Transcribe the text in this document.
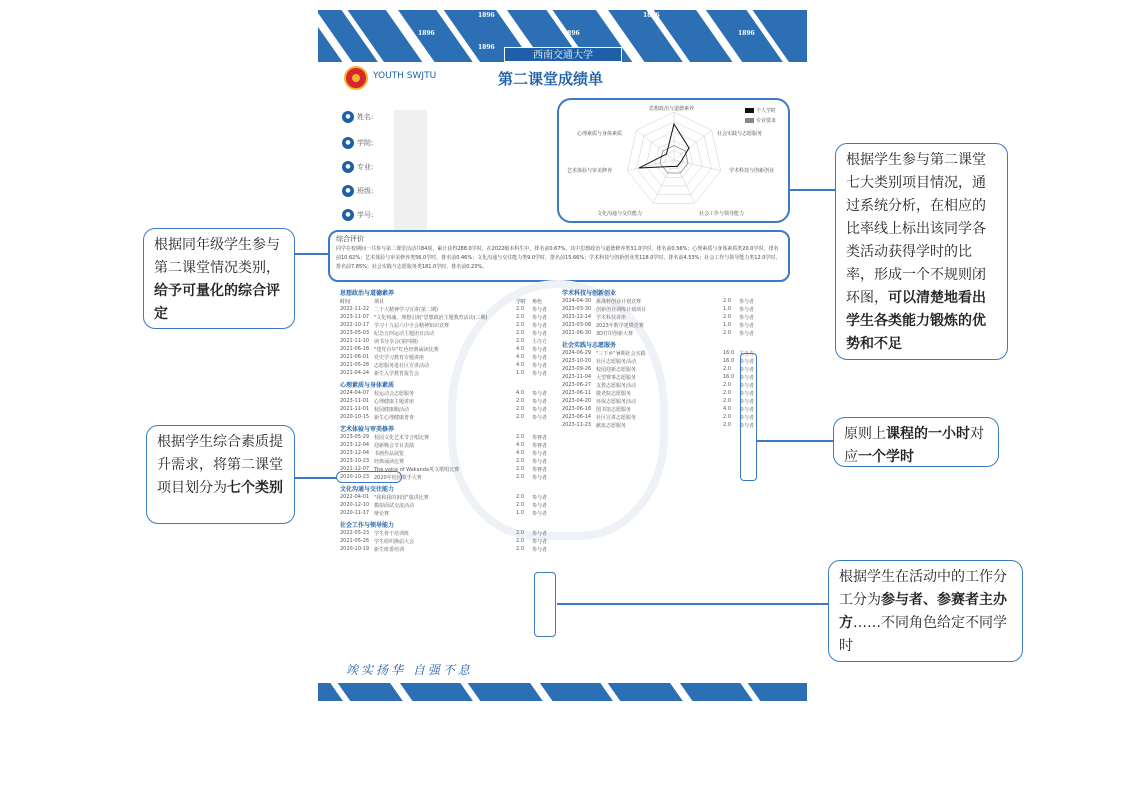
1896	1896
1896
1896	1896
1896
西南交通大学
YOUTH SWJTU	第二课堂成绩单
● 姓名:
● 学院:
● 专业:
● 班级:
● 学号:
思想政治与道德素养
社会实践与志愿服务
学术科技与创新创业
社会工作与领导能力
文化沟通与交往能力
艺术体验与审美修养
心理素质与身体素质
个人学时
专业要求
综合评价
同学在校期间一共参与第二课堂活动共84项，累计获得288.0学时，在2022级本科生中，排名前0.67%。其中思想政治与道德修养类31.0学时，排名前0.56%；心理素质与身体素质类20.0学时，排名前10.62%；艺术体验与审美修养类56.0学时，排名前0.46%；文化沟通与交往能力类9.0学时，排名前15.66%；学术科技与创新创业类118.0学时，排名前4.53%；社会工作与领导能力类12.0学时，排名前7.85%；社会实践与志愿服务类181.0学时，排名前0.23%。
思想政治与道德素养
时间	项目	学时	角色
2022-11-22 二十大精神学习宣讲(第二期)	2.0	参与者
2023-11-07 "文化铸魂，理想引航"思想政治主题教育活动(三期)	2.0	参与者
2022-10-17 学习十九届六中全会精神知识竞赛	2.0	参与者
2023-05-03 纪念五四运动主题团日活动	2.0	参与者
2021-11-10 读书分享会(第四期)	2.0	主办方
2021-06-18 "建党百年"红色经典诵读比赛	4.0	参与者
2021-06-01 党史学习教育专题讲座	4.0	参与者
2021-05-28 志愿服务进社区宣讲活动	4.0	参与者
2021-04-24 新生入学教育报告会	1.0	参与者
心理素质与身体素质
2024-04-07 校运动会志愿服务	4.0	参与者
2023-11-01 心理健康主题讲座	2.0	参与者
2021-11-01 校园健康跑活动	2.0	参与者
2020-10-15 新生心理健康普查	2.0	参与者
艺术体验与审美修养
2023-05-29 校园文化艺术节合唱比赛	2.0	参赛者
2023-12-04 迎新晚会节目表演	4.0	参赛者
2023-12-04 书画作品展览	4.0	参与者
2023-10-23 经典诵读比赛	2.0	参与者
2021-12-07 The voice of Wakanda英文歌唱比赛	2.0	参赛者
2020-10-23 2020年校园歌手大赛	2.0	参与者
文化沟通与交往能力
2022-04-01 "我和我的祖国"演讲比赛	2.0	参与者
2020-12-10 模拟面试交流活动	2.0	参与者
2020-11-17 辩论赛	1.0	参与者
社会工作与领导能力
2022-05-23 学生骨干培训班	2.0	参与者
2021-05-26 学生组织换届大会	2.0	参与者
2020-10-19 新生班委培训	2.0	参与者
学术科技与创新创业
2024-04-30 挑战杯创业计划竞赛	2.0	参与者
2023-03-30 创新创业训练计划项目	1.0	参与者
2023-12-14 学术科技讲座	2.0	参与者
2023-03-08 2023年数学建模竞赛	1.0	参与者
2021-06-30 3D打印创新大赛	2.0	参与者
社会实践与志愿服务
2024-06-29 "三下乡"暑期社会实践	16.0 主办方
2023-10-20 社区志愿服务活动	16.0 参与者
2023-09-26 校园迎新志愿服务	2.0	参与者
2023-11-04 大型赛事志愿服务	16.0 参与者
2023-06-27 支教志愿服务活动	2.0	参与者
2023-06-11 敬老院志愿服务	2.0	参与者
2023-04-20 环保志愿服务活动	2.0	参与者
2023-06-18 图书馆志愿服务	4.0	参与者
2023-06-14 社区宣讲志愿服务	2.0	参与者
2023-11-23 献血志愿服务	2.0	参与者
竢实扬华 自强不息
根据学生参与第二课堂七大类别项目情况，通过系统分析，在相应的比率线上标出该同学各类活动获得学时的比率，形成一个不规则闭环图，可以清楚地看出学生各类能力锻炼的优势和不足
根据同年级学生参与第二课堂情况类别，给予可量化的综合评定
根据学生综合素质提升需求，将第二课堂项目划分为七个类别
原则上课程的一小时对应一个学时
根据学生在活动中的工作分工分为参与者、参赛者主办方……不同角色给定不同学时
